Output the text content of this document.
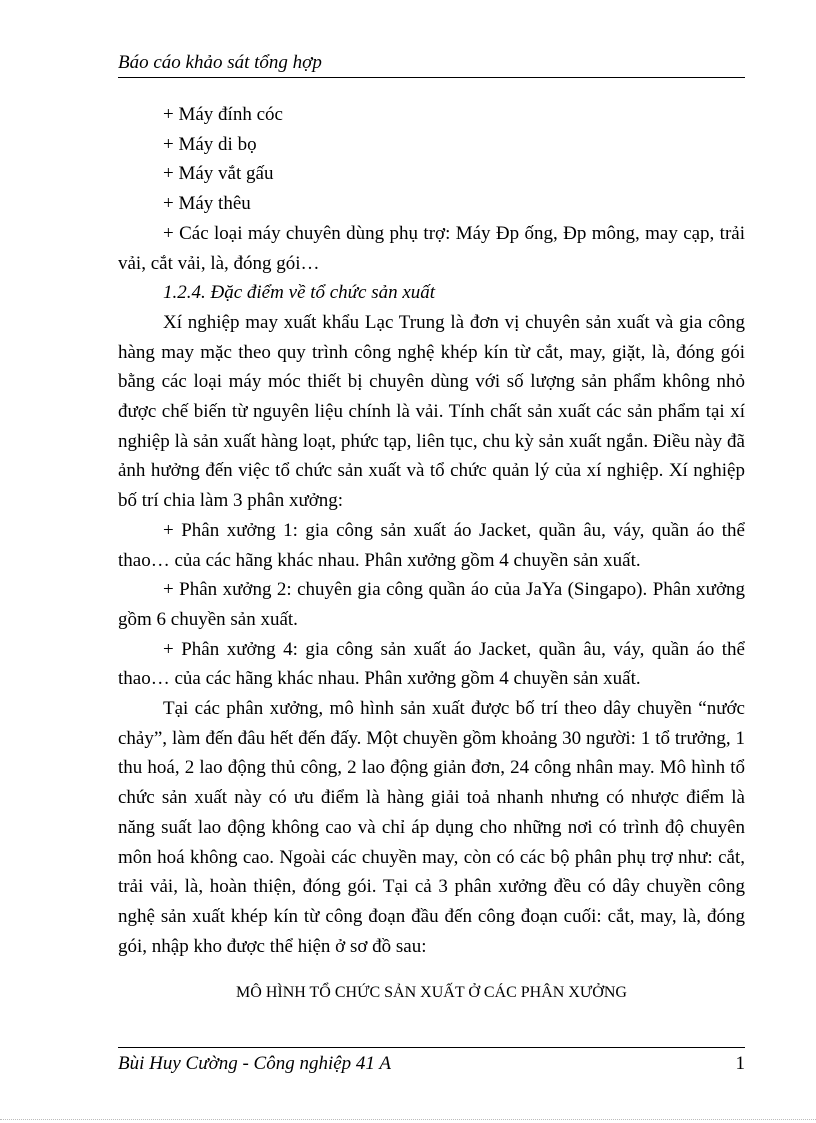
Báo cáo khảo sát tổng hợp

+ Máy đính cóc

+ Máy di bọ

+ Máy vắt gấu

+ Máy thêu

+ Các loại máy chuyên dùng phụ trợ: Máy Đp ống, Đp mông, may cạp, trải vải, cắt vải, là, đóng gói…

1.2.4. Đặc điểm về tổ chức sản xuất

Xí nghiệp may xuất khẩu Lạc Trung là đơn vị chuyên sản xuất và gia công hàng may mặc theo quy trình công nghệ khép kín từ cắt, may, giặt, là, đóng gói bằng các loại máy móc thiết bị chuyên dùng với số lượng sản phẩm không nhỏ được chế biến từ nguyên liệu chính là vải. Tính chất sản xuất các sản phẩm tại xí nghiệp là sản xuất hàng loạt, phức tạp, liên tục, chu kỳ sản xuất ngắn. Điều này đã ảnh hưởng đến việc tổ chức sản xuất và tổ chức quản lý của xí nghiệp. Xí nghiệp bố trí chia làm 3 phân xưởng:

+ Phân xưởng 1: gia công sản xuất áo Jacket, quần âu, váy, quần áo thể thao… của các hãng khác nhau. Phân xưởng gồm 4 chuyền sản xuất.

+ Phân xưởng 2: chuyên gia công quần áo của JaYa (Singapo). Phân xưởng gồm 6 chuyền sản xuất.

+ Phân xưởng 4: gia công sản xuất áo Jacket, quần âu, váy, quần áo thể thao… của các hãng khác nhau. Phân xưởng gồm 4 chuyền sản xuất.

Tại các phân xưởng, mô hình sản xuất được bố trí theo dây chuyền “nước chảy”, làm đến đâu hết đến đấy. Một chuyền gồm khoảng 30 người: 1 tổ trưởng, 1 thu hoá, 2 lao động thủ công, 2 lao động giản đơn, 24 công nhân may. Mô hình tổ chức sản xuất này có ưu điểm là hàng giải toả nhanh nhưng có nhược điểm là năng suất lao động không cao và chỉ áp dụng cho những nơi có trình độ chuyên môn hoá không cao. Ngoài các chuyền may, còn có các bộ phân phụ trợ như: cắt, trải vải, là, hoàn thiện, đóng gói. Tại cả 3 phân xưởng đều có dây chuyền công nghệ sản xuất khép kín từ công đoạn đầu đến công đoạn cuối: cắt, may, là, đóng gói, nhập kho được thể hiện ở sơ đồ sau:

MÔ HÌNH TỔ CHỨC SẢN XUẤT Ở CÁC PHÂN XƯỞNG
Bùi Huy Cường - Công nghiệp 41 A	1
